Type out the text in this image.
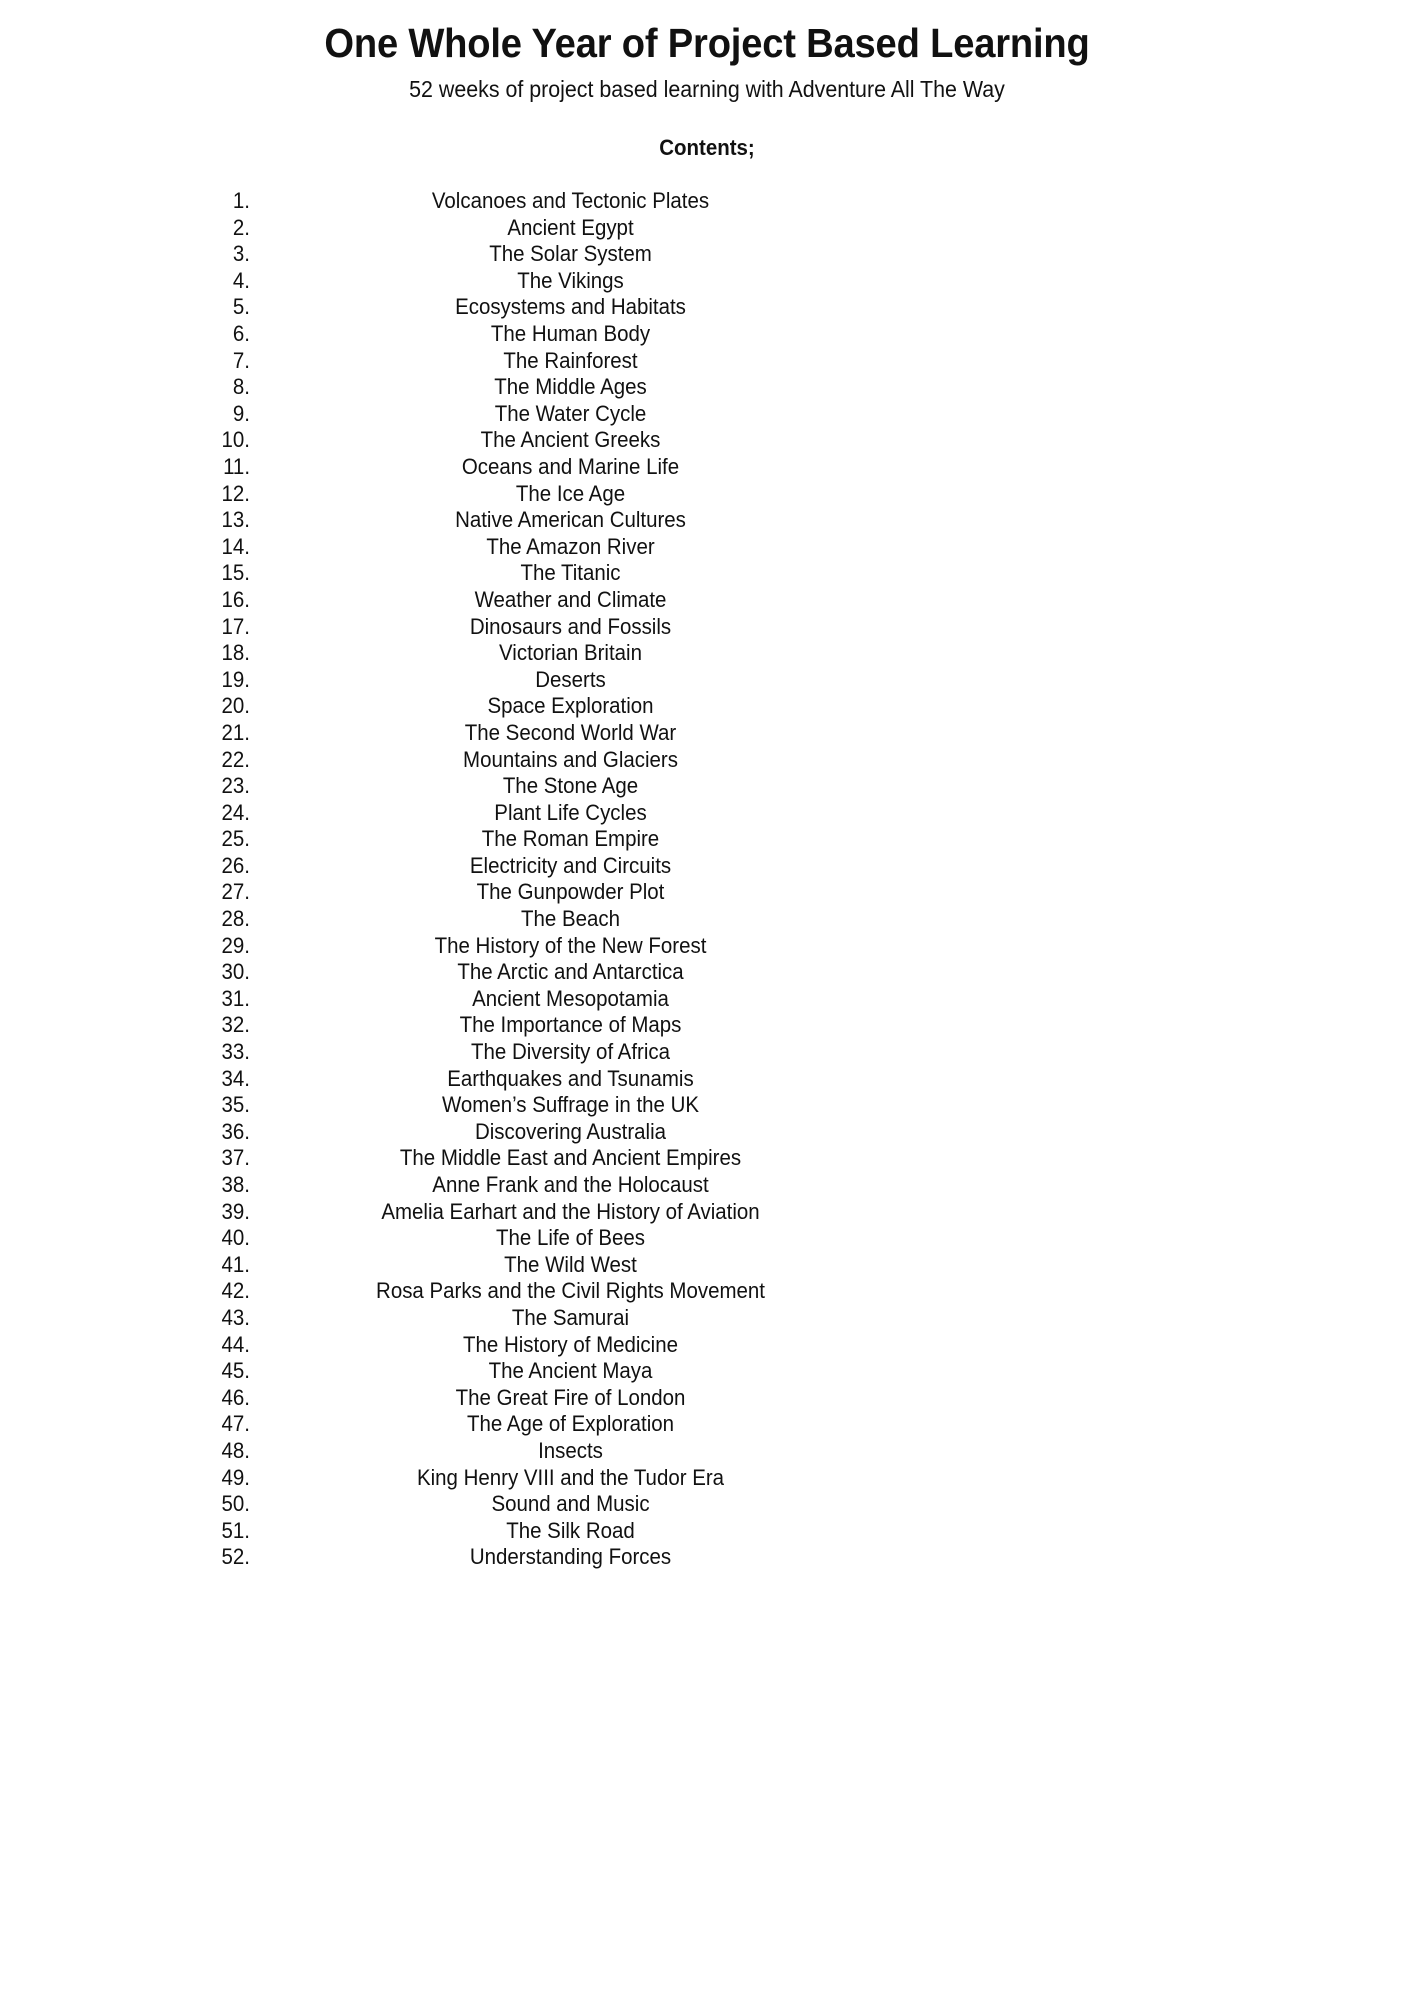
One Whole Year of Project Based Learning

52 weeks of project based learning with Adventure All The Way

Contents;
1.	Volcanoes and Tectonic Plates
2.	Ancient Egypt
3.	The Solar System
4.	The Vikings
5.	Ecosystems and Habitats
6.	The Human Body
7.	The Rainforest
8.	The Middle Ages
9.	The Water Cycle
10.	The Ancient Greeks
11.	Oceans and Marine Life
12.	The Ice Age
13.	Native American Cultures
14.	The Amazon River
15.	The Titanic
16.	Weather and Climate
17.	Dinosaurs and Fossils
18.	Victorian Britain
19.	Deserts
20.	Space Exploration
21.	The Second World War
22.	Mountains and Glaciers
23.	The Stone Age
24.	Plant Life Cycles
25.	The Roman Empire
26.	Electricity and Circuits
27.	The Gunpowder Plot
28.	The Beach
29.	The History of the New Forest
30.	The Arctic and Antarctica
31.	Ancient Mesopotamia
32.	The Importance of Maps
33.	The Diversity of Africa
34.	Earthquakes and Tsunamis
35.	Women’s Suffrage in the UK
36.	Discovering Australia
37.	The Middle East and Ancient Empires
38.	Anne Frank and the Holocaust
39.	Amelia Earhart and the History of Aviation
40.	The Life of Bees
41.	The Wild West
42.	Rosa Parks and the Civil Rights Movement
43.	The Samurai
44.	The History of Medicine
45.	The Ancient Maya
46.	The Great Fire of London
47.	The Age of Exploration
48.	Insects
49.	King Henry VIII and the Tudor Era
50.	Sound and Music
51.	The Silk Road
52.	Understanding Forces
